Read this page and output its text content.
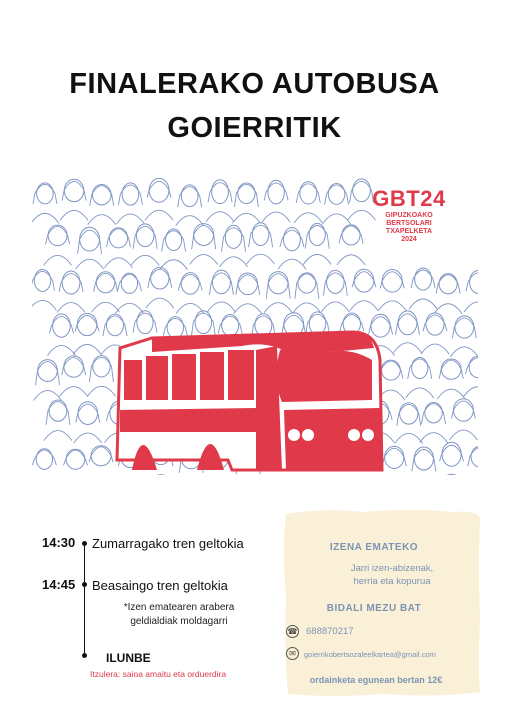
FINALERAKO AUTOBUSA
GOIERRITIK
GBT24
GIPUZKOAKO
BERTSOLARI
TXAPELKETA
2024
14:30 Zumarragako tren geltokia
14:45 Beasaingo tren geltokia
*Izen ematearen arabera
geldialdiak moldagarri
ILUNBE
Itzulera: saioa amaitu eta orduerdira
IZENA EMATEKO
Jarri izen-abizenak,
herria eta kopurua
BIDALI MEZU BAT
☎ 688870217
✉	goierrikobertsozaleelkartea@gmail.com
ordainketa egunean bertan 12€
